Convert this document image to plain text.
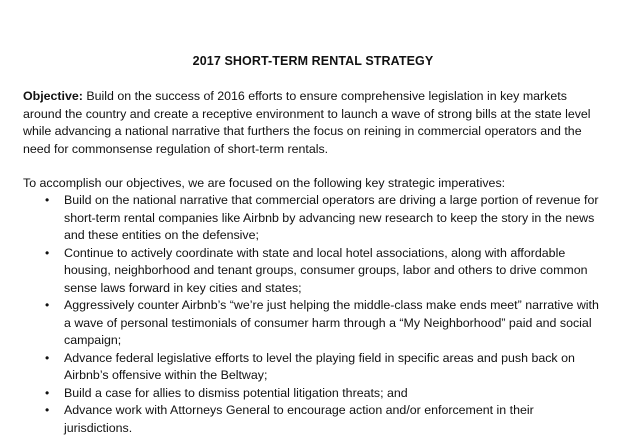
2017 SHORT-TERM RENTAL STRATEGY
Objective: Build on the success of 2016 efforts to ensure comprehensive legislation in key markets around the country and create a receptive environment to launch a wave of strong bills at the state level while advancing a national narrative that furthers the focus on reining in commercial operators and the need for commonsense regulation of short-term rentals.
To accomplish our objectives, we are focused on the following key strategic imperatives:
• Build on the national narrative that commercial operators are driving a large portion of revenue for short-term rental companies like Airbnb by advancing new research to keep the story in the news and these entities on the defensive;
• Continue to actively coordinate with state and local hotel associations, along with affordable housing, neighborhood and tenant groups, consumer groups, labor and others to drive common sense laws forward in key cities and states;
• Aggressively counter Airbnb’s “we’re just helping the middle-class make ends meet” narrative with a wave of personal testimonials of consumer harm through a “My Neighborhood” paid and social campaign;
• Advance federal legislative efforts to level the playing field in specific areas and push back on Airbnb’s offensive within the Beltway;
• Build a case for allies to dismiss potential litigation threats; and
• Advance work with Attorneys General to encourage action and/or enforcement in their jurisdictions.
